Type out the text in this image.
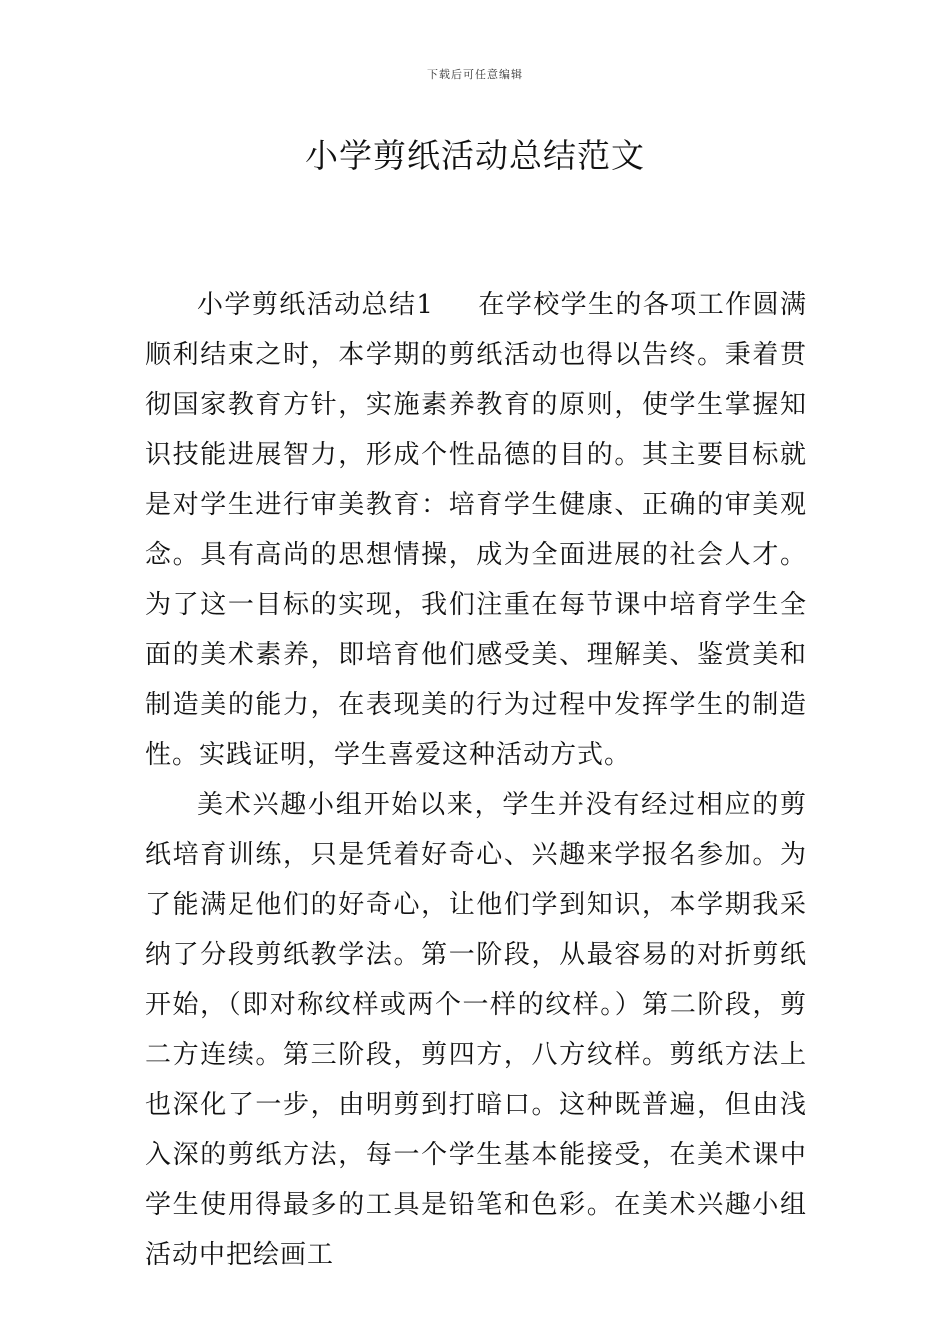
下载后可任意编辑
小学剪纸活动总结范文

小学剪纸活动总结1 在学校学生的各项工作圆满顺利结束之时，本学期的剪纸活动也得以告终。秉着贯彻国家教育方针，实施素养教育的原则，使学生掌握知识技能进展智力，形成个性品德的目的。其主要目标就是对学生进行审美教育：培育学生健康、正确的审美观念。具有高尚的思想情操，成为全面进展的社会人才。为了这一目标的实现，我们注重在每节课中培育学生全面的美术素养，即培育他们感受美、理解美、鉴赏美和制造美的能力，在表现美的行为过程中发挥学生的制造性。实践证明，学生喜爱这种活动方式。

美术兴趣小组开始以来，学生并没有经过相应的剪纸培育训练，只是凭着好奇心、兴趣来学报名参加。为了能满足他们的好奇心，让他们学到知识，本学期我采纳了分段剪纸教学法。第一阶段，从最容易的对折剪纸开始，（即对称纹样或两个一样的纹样。）第二阶段，剪二方连续。第三阶段，剪四方，八方纹样。剪纸方法上也深化了一步，由明剪到打暗口。这种既普遍，但由浅入深的剪纸方法，每一个学生基本能接受，在美术课中学生使用得最多的工具是铅笔和色彩。在美术兴趣小组活动中把绘画工
